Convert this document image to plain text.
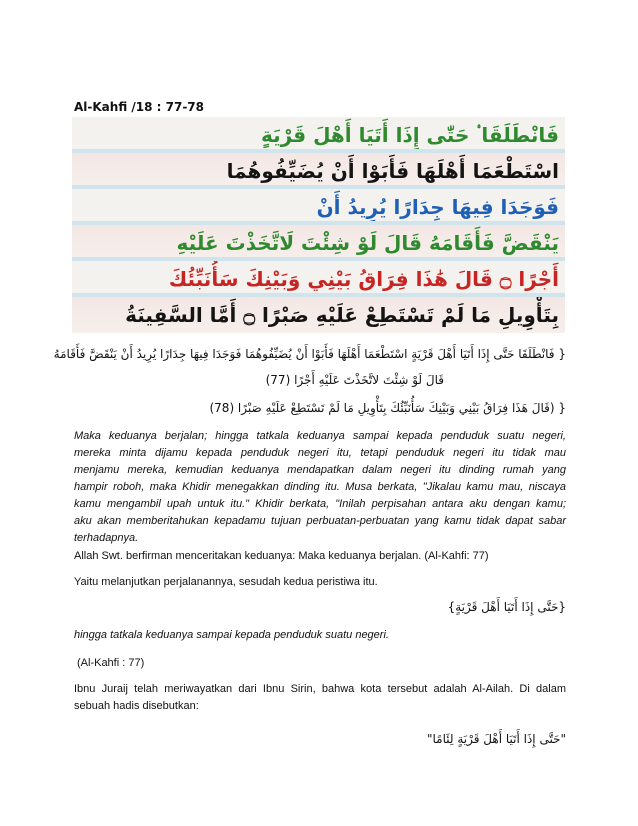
Al-Kahfi /18 : 77-78
فَانْطَلَقَا ۟ حَتّٰى إِذَا أَتَيَا أَهْلَ قَرْيَةٍ
اسْتَطْعَمَا أَهْلَهَا فَأَبَوْا أَنْ يُضَيِّفُوهُمَا
فَوَجَدَا فِيهَا جِدَارًا يُرِيدُ أَنْ
يَنْقَضَّ فَأَقَامَهُ قَالَ لَوْ شِئْتَ لَاتَّخَذْتَ عَلَيْهِ
أَجْرًا ۝ قَالَ هَٰذَا فِرَاقُ بَيْنِي وَبَيْنِكَ سَأُنَبِّئُكَ
بِتَأْوِيلِ مَا لَمْ تَسْتَطِعْ عَلَيْهِ صَبْرًا ۝ أَمَّا السَّفِينَةُ
{ فَانْطَلَقَا حَتَّى إِذَا أَتَيَا أَهْلَ قَرْيَةٍ اسْتَطْعَمَا أَهْلَهَا فَأَبَوْا أَنْ يُضَيِّفُوهُمَا فَوَجَدَا فِيهَا جِدَارًا يُرِيدُ أَنْ يَنْقَضَّ فَأَقَامَهُ
قَالَ لَوْ شِئْتَ لاتَّخَذْتَ عَلَيْهِ أَجْرًا (77)
{ (قَالَ هَذَا فِرَاقُ بَيْنِي وَبَيْنِكَ سَأُنَبِّئُكَ بِتَأْوِيلِ مَا لَمْ تَسْتَطِعْ عَلَيْهِ صَبْرًا (78)
Maka keduanya berjalan; hingga tatkala keduanya sampai kepada penduduk suatu negeri,
mereka minta dijamu kepada penduduk negeri itu, tetapi penduduk negeri itu tidak mau
menjamu mereka, kemudian keduanya mendapatkan dalam negeri itu dinding rumah yang
hampir roboh, maka Khidir menegakkan dinding itu. Musa berkata, "Jikalau kamu mau, niscaya
kamu mengambil upah untuk itu." Khidir berkata, "Inilah perpisahan antara aku dengan kamu;
aku akan memberitahukan kepadamu tujuan perbuatan-perbuatan yang kamu tidak dapat sabar
terhadapnya.
Allah Swt. berfirman menceritakan keduanya: Maka keduanya berjalan. (Al-Kahfi: 77)
Yaitu melanjutkan perjalanannya, sesudah kedua peristiwa itu.
{حَتَّى إِذَا أَتَيَا أَهْلَ قَرْيَةٍ}
hingga tatkala keduanya sampai kepada penduduk suatu negeri.
(Al-Kahfi : 77)
Ibnu Juraij telah meriwayatkan dari Ibnu Sirin, bahwa kota tersebut adalah Al-Ailah. Di dalam
sebuah hadis disebutkan:
"حَتَّى إِذَا أَتَيَا أَهْلَ قَرْيَةٍ لِئَامًا"
